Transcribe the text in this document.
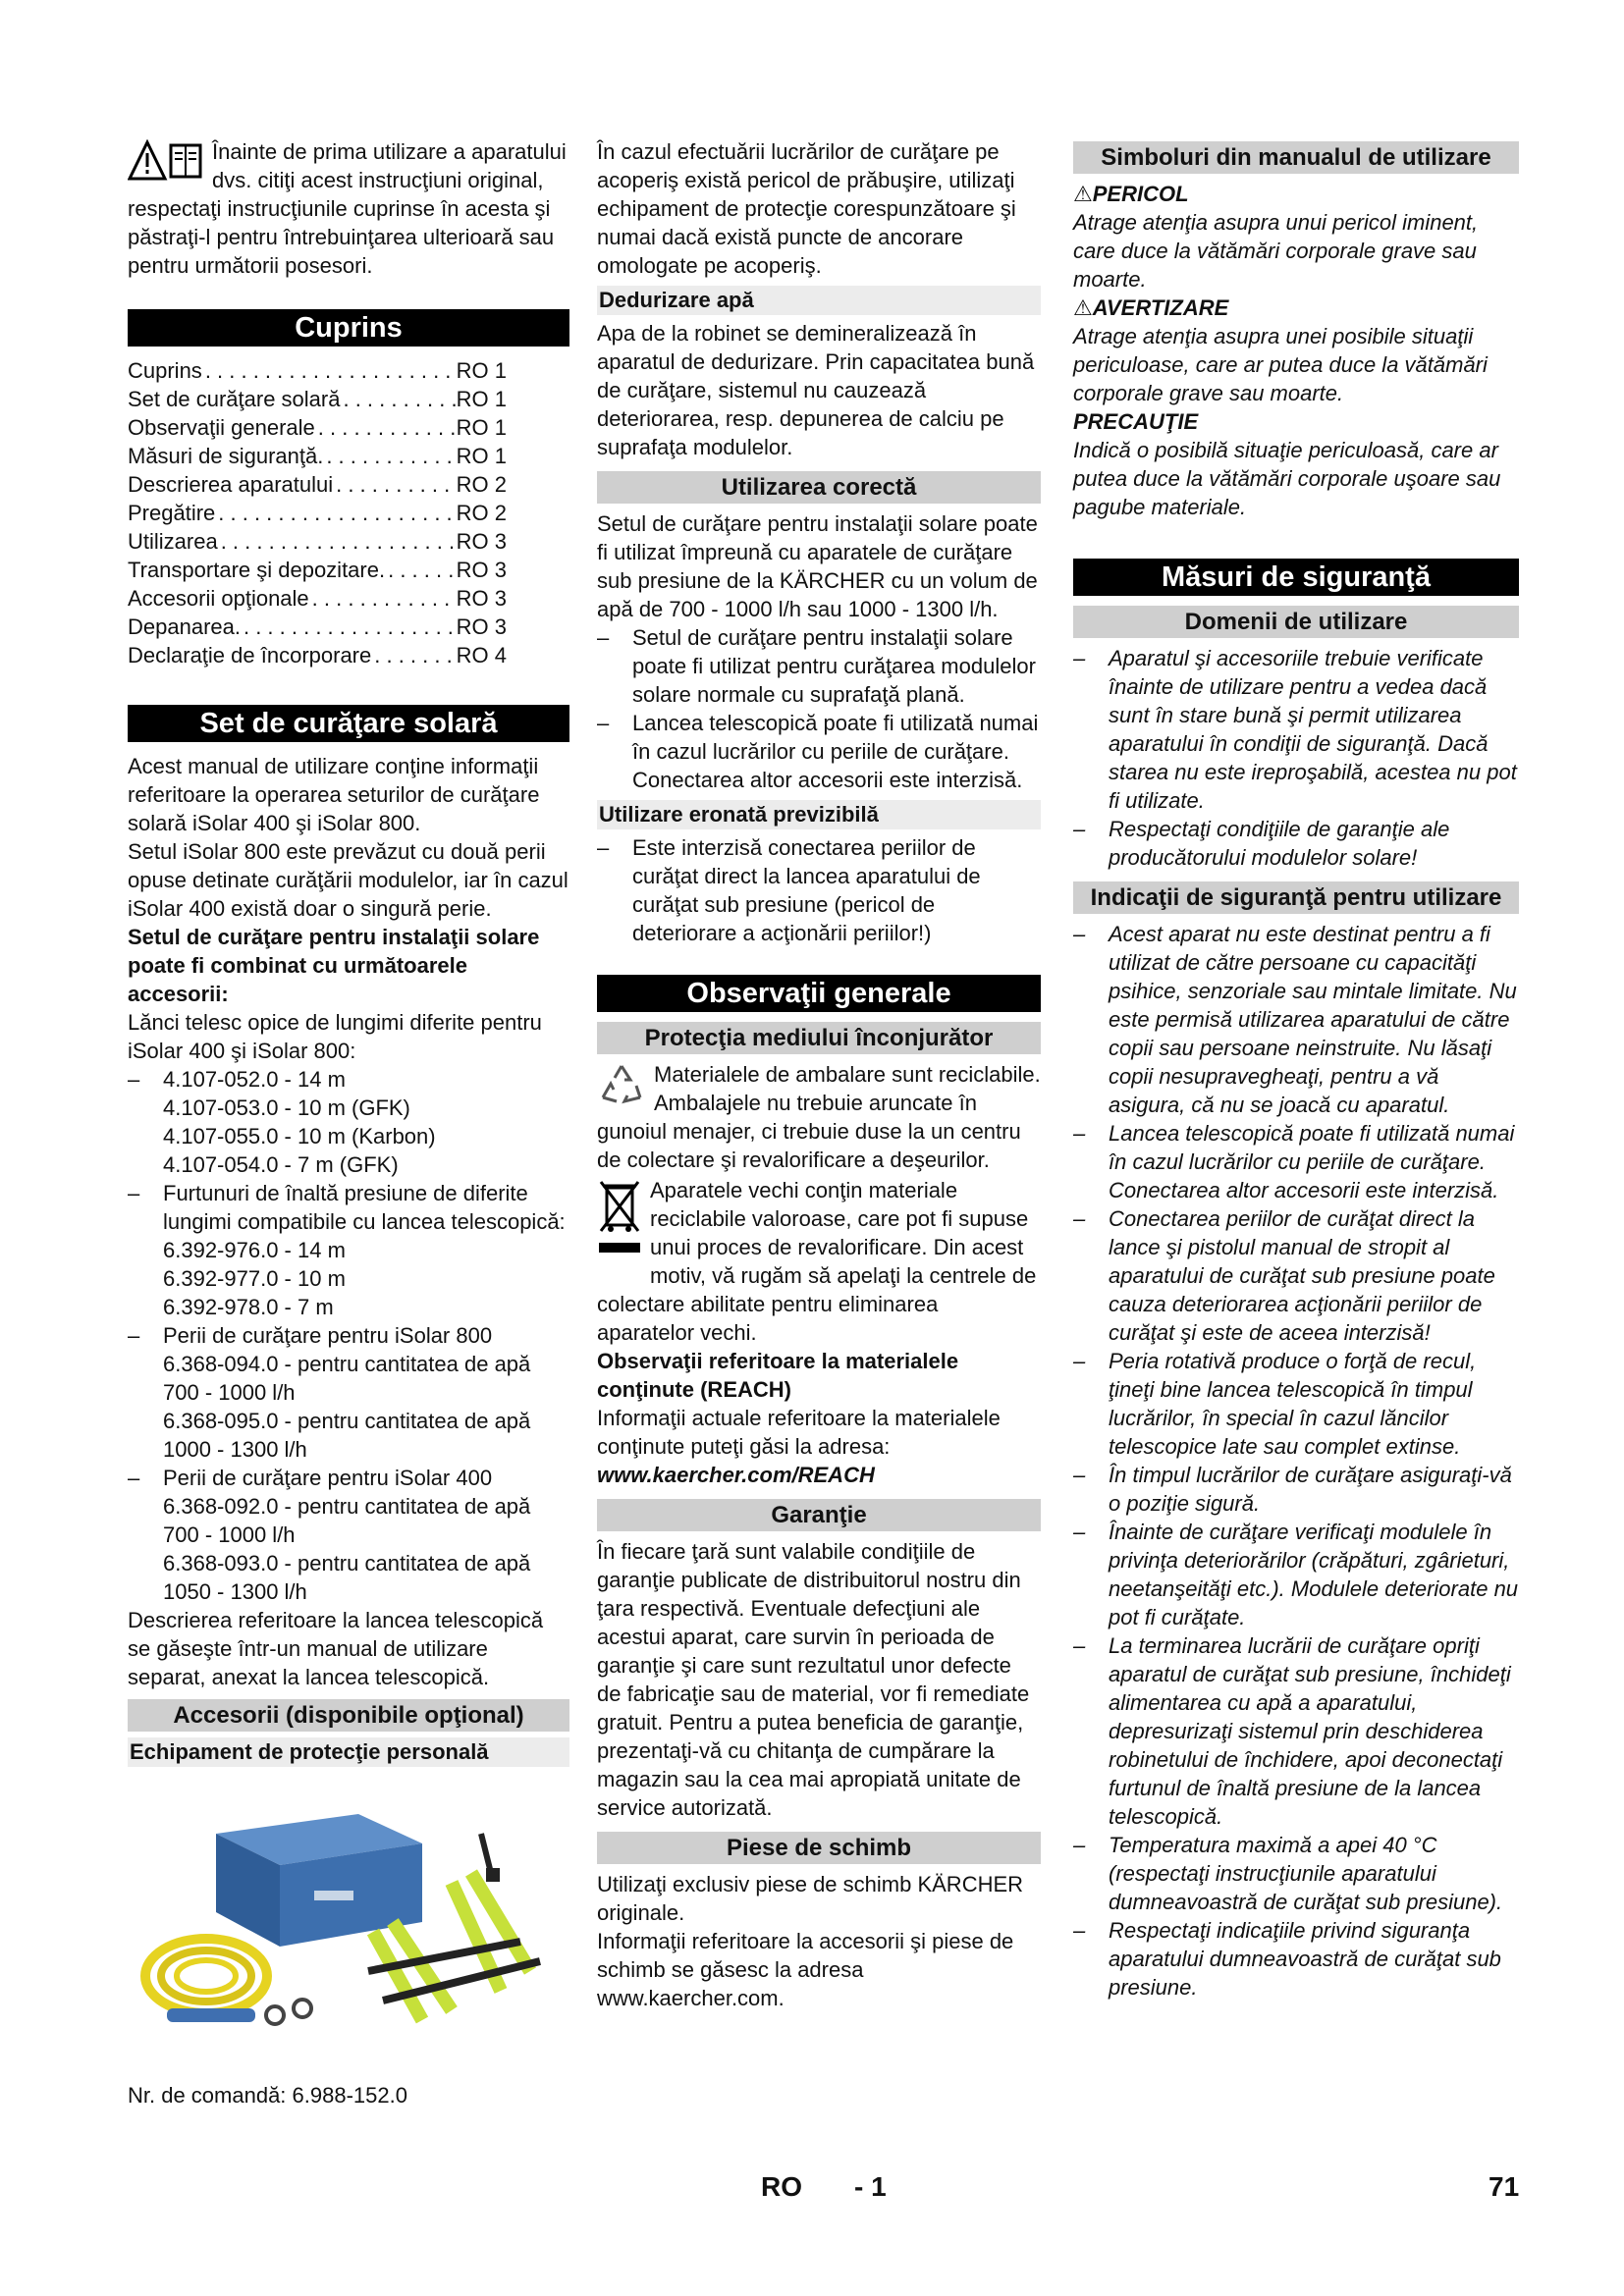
Înainte de prima utilizare a aparatului dvs. citiţi acest instrucţiuni original, respectaţi instrucţiunile cuprinse în acesta şi păstraţi-l pentru întrebuinţarea ulterioară sau pentru următorii posesori.

Cuprins
Cuprins . . .	RO 1
Set de curăţare solară . . .	RO 1
Observaţii generale . . .	RO 1
Măsuri de siguranţă. . . .	RO 1
Descrierea aparatului . . .	RO 2
Pregătire . . .	RO 2
Utilizarea . . .	RO 3
Transportare şi depozitare. . . .	RO 3
Accesorii opţionale . . .	RO 3
Depanarea. . . .	RO 3
Declaraţie de încorporare . . .	RO 4
Set de curăţare solară

Acest manual de utilizare conţine informaţii referitoare la operarea seturilor de curăţare solară iSolar 400 şi iSolar 800.

Setul iSolar 800 este prevăzut cu două perii opuse detinate curăţării modulelor, iar în cazul iSolar 400 există doar o singură perie.

Setul de curăţare pentru instalaţii solare poate fi combinat cu următoarele accesorii:

Lănci telesc opice de lungimi diferite pentru iSolar 400 şi iSolar 800:

– 4.107-052.0 - 14 m

4.107-053.0 - 10 m (GFK)

4.107-055.0 - 10 m (Karbon)

4.107-054.0 - 7 m (GFK)

– Furtunuri de înaltă presiune de diferite lungimi compatibile cu lancea telescopică:

6.392-976.0 - 14 m

6.392-977.0 - 10 m

6.392-978.0 - 7 m

– Perii de curăţare pentru iSolar 800

6.368-094.0 - pentru cantitatea de apă 700 - 1000 l/h

6.368-095.0 - pentru cantitatea de apă 1000 - 1300 l/h

– Perii de curăţare pentru iSolar 400

6.368-092.0 - pentru cantitatea de apă 700 - 1000 l/h

6.368-093.0 - pentru cantitatea de apă 1050 - 1300 l/h

Descrierea referitoare la lancea telescopică se găseşte într-un manual de utilizare separat, anexat la lancea telescopică.

Accesorii (disponibile opţional)
Echipament de protecţie personală

Nr. de comandă: 6.988-152.0

În cazul efectuării lucrărilor de curăţare pe acoperiş există pericol de prăbuşire, utilizaţi echipament de protecţie corespunzătoare şi numai dacă există puncte de ancorare omologate pe acoperiş.

Dedurizare apă

Apa de la robinet se demineralizează în aparatul de dedurizare. Prin capacitatea bună de curăţare, sistemul nu cauzează deteriorarea, resp. depunerea de calciu pe suprafaţa modulelor.

Utilizarea corectă

Setul de curăţare pentru instalaţii solare poate fi utilizat împreună cu aparatele de curăţare sub presiune de la KÄRCHER cu un volum de apă de 700 - 1000 l/h sau 1000 - 1300 l/h.

– Setul de curăţare pentru instalaţii solare poate fi utilizat pentru curăţarea modulelor solare normale cu suprafaţă plană.

– Lancea telescopică poate fi utilizată numai în cazul lucrărilor cu periile de curăţare. Conectarea altor accesorii este interzisă.

Utilizare eronată previzibilă

– Este interzisă conectarea periilor de curăţat direct la lancea aparatului de curăţat sub presiune (pericol de deteriorare a acţionării periilor!)

Observaţii generale
Protecţia mediului înconjurător

Materialele de ambalare sunt reciclabile. Ambalajele nu trebuie aruncate în gunoiul menajer, ci trebuie duse la un centru de colectare şi revalorificare a deşeurilor.

Aparatele vechi conţin materiale reciclabile valoroase, care pot fi supuse unui proces de revalorificare. Din acest motiv, vă rugăm să apelaţi la centrele de colectare abilitate pentru eliminarea aparatelor vechi.

Observaţii referitoare la materialele conţinute (REACH)

Informaţii actuale referitoare la materialele conţinute puteţi găsi la adresa:

www.kaercher.com/REACH

Garanţie

În fiecare ţară sunt valabile condiţiile de garanţie publicate de distribuitorul nostru din ţara respectivă. Eventuale defecţiuni ale acestui aparat, care survin în perioada de garanţie şi care sunt rezultatul unor defecte de fabricaţie sau de material, vor fi remediate gratuit. Pentru a putea beneficia de garanţie, prezentaţi-vă cu chitanţa de cumpărare la magazin sau la cea mai apropiată unitate de service autorizată.

Piese de schimb

Utilizaţi exclusiv piese de schimb KÄRCHER originale.

Informaţii referitoare la accesorii şi piese de schimb se găsesc la adresa www.kaercher.com.

Simboluri din manualul de utilizare

⚠PERICOL

Atrage atenţia asupra unui pericol iminent, care duce la vătămări corporale grave sau moarte.

⚠AVERTIZARE

Atrage atenţia asupra unei posibile situaţii periculoase, care ar putea duce la vătămări corporale grave sau moarte.

PRECAUŢIE

Indică o posibilă situaţie periculoasă, care ar putea duce la vătămări corporale uşoare sau pagube materiale.

Măsuri de siguranţă
Domenii de utilizare

– Aparatul şi accesoriile trebuie verificate înainte de utilizare pentru a vedea dacă sunt în stare bună şi permit utilizarea aparatului în condiţii de siguranţă. Dacă starea nu este ireproşabilă, acestea nu pot fi utilizate.

– Respectaţi condiţiile de garanţie ale producătorului modulelor solare!

Indicaţii de siguranţă pentru utilizare

– Acest aparat nu este destinat pentru a fi utilizat de către persoane cu capacităţi psihice, senzoriale sau mintale limitate. Nu este permisă utilizarea aparatului de către copii sau persoane neinstruite. Nu lăsaţi copii nesupravegheaţi, pentru a vă asigura, că nu se joacă cu aparatul.

– Lancea telescopică poate fi utilizată numai în cazul lucrărilor cu periile de curăţare. Conectarea altor accesorii este interzisă.

– Conectarea periilor de curăţat direct la lance şi pistolul manual de stropit al aparatului de curăţat sub presiune poate cauza deteriorarea acţionării periilor de curăţat şi este de aceea interzisă!

– Peria rotativă produce o forţă de recul, ţineţi bine lancea telescopică în timpul lucrărilor, în special în cazul lăncilor telescopice late sau complet extinse.

– În timpul lucrărilor de curăţare asiguraţi-vă o poziţie sigură.

– Înainte de curăţare verificaţi modulele în privinţa deteriorărilor (crăpături, zgârieturi, neetanşeităţi etc.). Modulele deteriorate nu pot fi curăţate.

– La terminarea lucrării de curăţare opriţi aparatul de curăţat sub presiune, închideţi alimentarea cu apă a aparatului, depresurizaţi sistemul prin deschiderea robinetului de închidere, apoi deconectaţi furtunul de înaltă presiune de la lancea telescopică.

– Temperatura maximă a apei 40 °C (respectaţi instrucţiunile aparatului dumneavoastră de curăţat sub presiune).

– Respectaţi indicaţiile privind siguranţa aparatului dumneavoastră de curăţat sub presiune.

RO - 1	71
